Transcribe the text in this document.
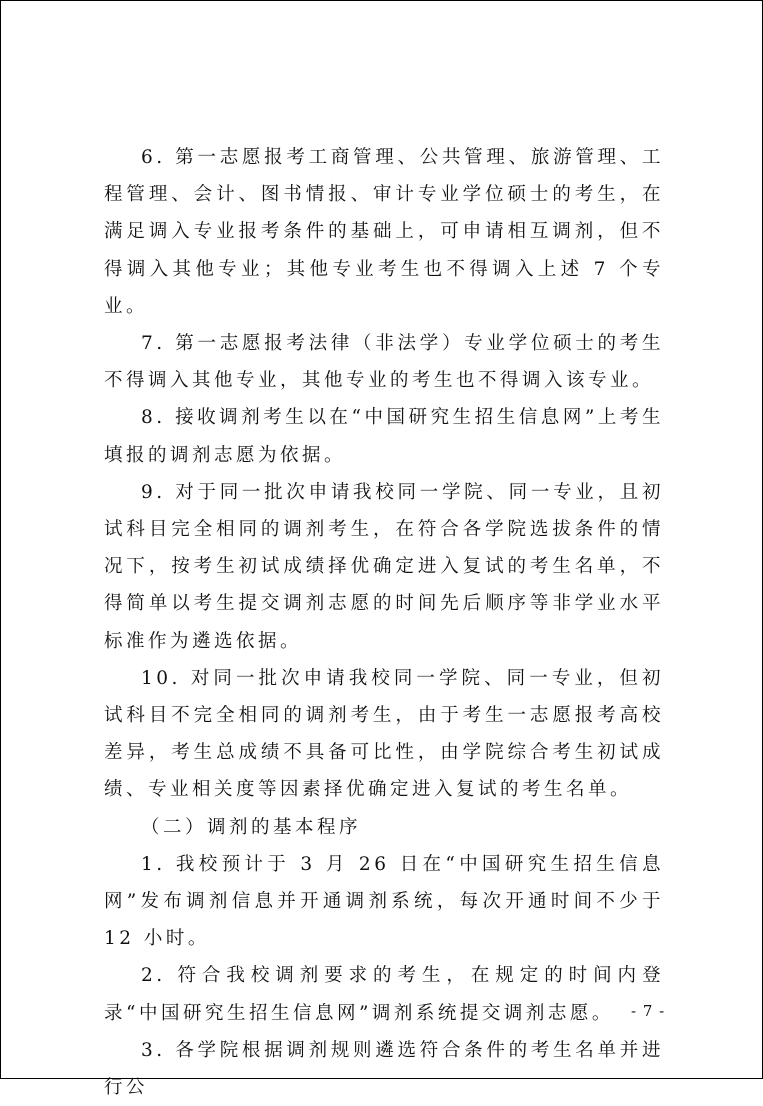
6. 第一志愿报考工商管理、公共管理、旅游管理、工程管理、会计、图书情报、审计专业学位硕士的考生，在满足调入专业报考条件的基础上，可申请相互调剂，但不得调入其他专业；其他专业考生也不得调入上述 7 个专业。

7. 第一志愿报考法律（非法学）专业学位硕士的考生不得调入其他专业，其他专业的考生也不得调入该专业。

8. 接收调剂考生以在“中国研究生招生信息网”上考生填报的调剂志愿为依据。

9. 对于同一批次申请我校同一学院、同一专业，且初试科目完全相同的调剂考生，在符合各学院选拔条件的情况下，按考生初试成绩择优确定进入复试的考生名单，不得简单以考生提交调剂志愿的时间先后顺序等非学业水平标准作为遴选依据。

10. 对同一批次申请我校同一学院、同一专业，但初试科目不完全相同的调剂考生，由于考生一志愿报考高校差异，考生总成绩不具备可比性，由学院综合考生初试成绩、专业相关度等因素择优确定进入复试的考生名单。

（二）调剂的基本程序

1. 我校预计于 3 月 26 日在“中国研究生招生信息网”发布调剂信息并开通调剂系统，每次开通时间不少于 12 小时。

2. 符合我校调剂要求的考生，在规定的时间内登录“中国研究生招生信息网”调剂系统提交调剂志愿。

3. 各学院根据调剂规则遴选符合条件的考生名单并进行公

- 7 -
